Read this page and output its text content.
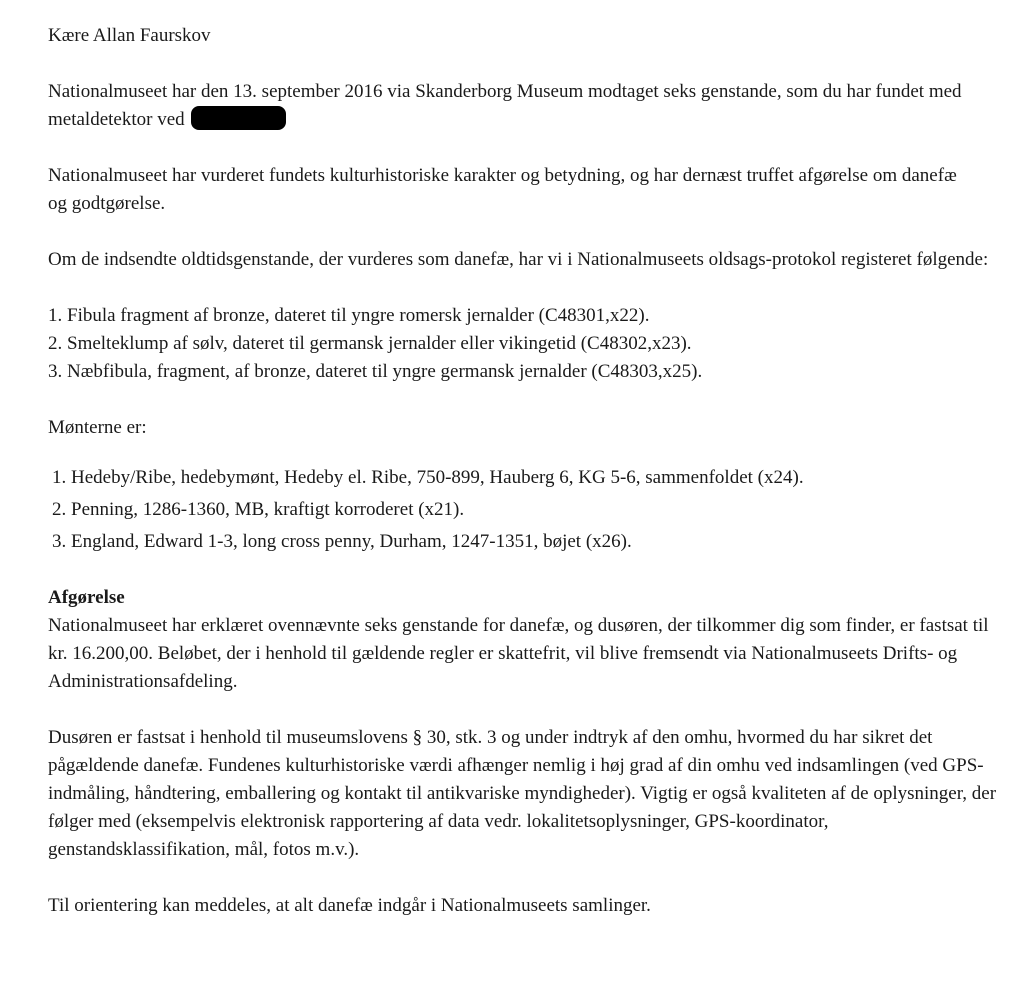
Kære Allan Faurskov

Nationalmuseet har den 13. september 2016 via Skanderborg Museum modtaget seks genstande, som du har fundet med metaldetektor ved

Nationalmuseet har vurderet fundets kulturhistoriske karakter og betydning, og har dernæst truffet afgørelse om danefæ og godtgørelse.

Om de indsendte oldtidsgenstande, der vurderes som danefæ, har vi i Nationalmuseets oldsags-protokol registeret følgende:

1. Fibula fragment af bronze, dateret til yngre romersk jernalder (C48301,x22).
2. Smelteklump af sølv, dateret til germansk jernalder eller vikingetid (C48302,x23).
3. Næbfibula, fragment, af bronze, dateret til yngre germansk jernalder (C48303,x25).

Mønterne er:

1. Hedeby/Ribe, hedebymønt, Hedeby el. Ribe, 750-899, Hauberg 6, KG 5-6, sammenfoldet (x24).
2. Penning, 1286-1360, MB, kraftigt korroderet (x21).
3. England, Edward 1-3, long cross penny, Durham, 1247-1351, bøjet (x26).

Afgørelse

Nationalmuseet har erklæret ovennævnte seks genstande for danefæ, og dusøren, der tilkommer dig som finder, er fastsat til kr. 16.200,00. Beløbet, der i henhold til gældende regler er skattefrit, vil blive fremsendt via Nationalmuseets Drifts- og Administrationsafdeling.

Dusøren er fastsat i henhold til museumslovens § 30, stk. 3 og under indtryk af den omhu, hvormed du har sikret det pågældende danefæ. Fundenes kulturhistoriske værdi afhænger nemlig i høj grad af din omhu ved indsamlingen (ved GPS-indmåling, håndtering, emballering og kontakt til antikvariske myndigheder). Vigtig er også kvaliteten af de oplysninger, der følger med (eksempelvis elektronisk rapportering af data vedr. lokalitetsoplysninger, GPS-koordinator, genstandsklassifikation, mål, fotos m.v.).

Til orientering kan meddeles, at alt danefæ indgår i Nationalmuseets samlinger.
